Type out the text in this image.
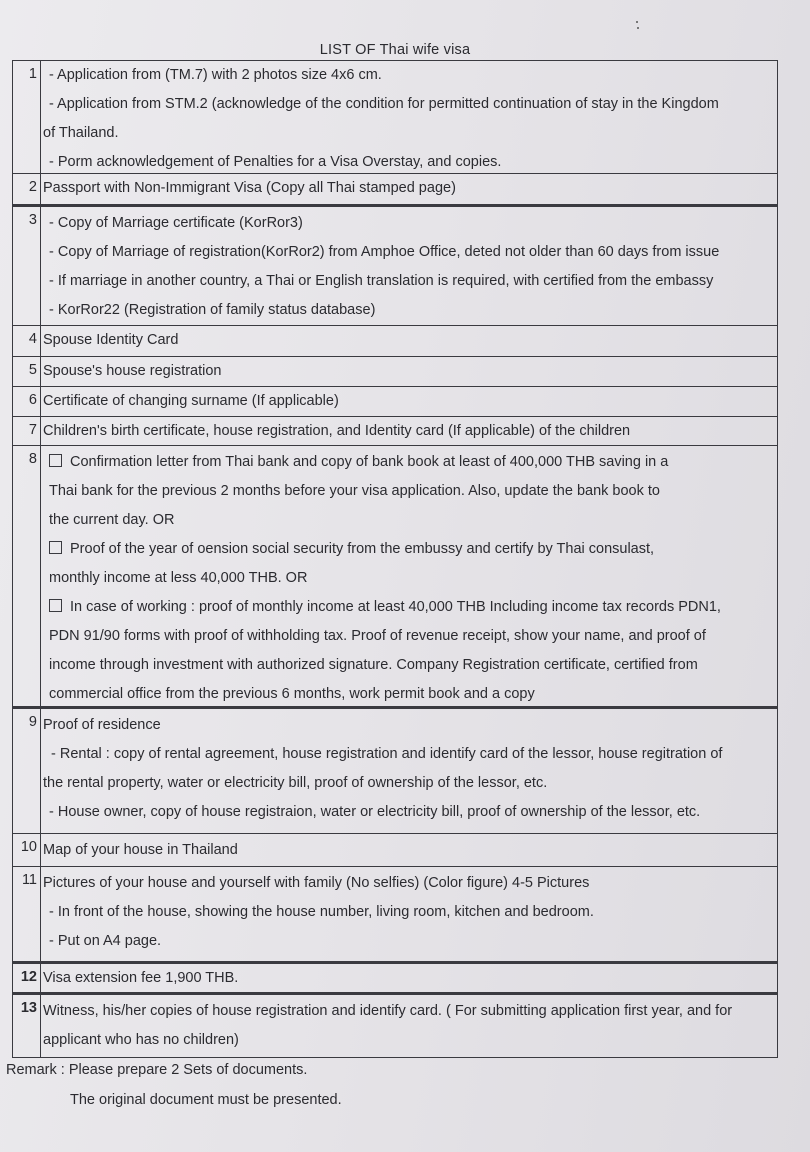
LIST OF Thai wife visa
1 - Application from (TM.7) with 2 photos size 4x6 cm.
- Application from STM.2 (acknowledge of the condition for permitted continuation of stay in the Kingdom
of Thailand.
- Porm acknowledgement of Penalties for a Visa Overstay, and copies.
2 Passport with Non-Immigrant Visa (Copy all Thai stamped page)
3 - Copy of Marriage certificate (KorRor3)
- Copy of Marriage of registration(KorRor2) from Amphoe Office, deted not older than 60 days from issue
- If marriage in another country, a Thai or English translation is required, with certified from the embassy
- KorRor22 (Registration of family status database)
4 Spouse Identity Card
5 Spouse's house registration
6 Certificate of changing surname (If applicable)
7 Children's birth certificate, house registration, and Identity card (If applicable) of the children
8	Confirmation letter from Thai bank and copy of bank book at least of 400,000 THB saving in a
Thai bank for the previous 2 months before your visa application. Also, update the bank book to
the current day. OR
Proof of the year of oension social security from the embussy and certify by Thai consulast,
monthly income at less 40,000 THB. OR
In case of working : proof of monthly income at least 40,000 THB Including income tax records PDN1,
PDN 91/90 forms with proof of withholding tax. Proof of revenue receipt, show your name, and proof of
income through investment with authorized signature. Company Registration certificate, certified from
commercial office from the previous 6 months, work permit book and a copy
9 Proof of residence
- Rental : copy of rental agreement, house registration and identify card of the lessor, house regitration of
the rental property, water or electricity bill, proof of ownership of the lessor, etc.
- House owner, copy of house registraion, water or electricity bill, proof of ownership of the lessor, etc.
10 Map of your house in Thailand
11 Pictures of your house and yourself with family (No selfies) (Color figure) 4-5 Pictures
- In front of the house, showing the house number, living room, kitchen and bedroom.
- Put on A4 page.
12 Visa extension fee 1,900 THB.
13 Witness, his/her copies of house registration and identify card. ( For submitting application first year, and for
applicant who has no children)
Remark : Please prepare 2 Sets of documents.
The original document must be presented.
